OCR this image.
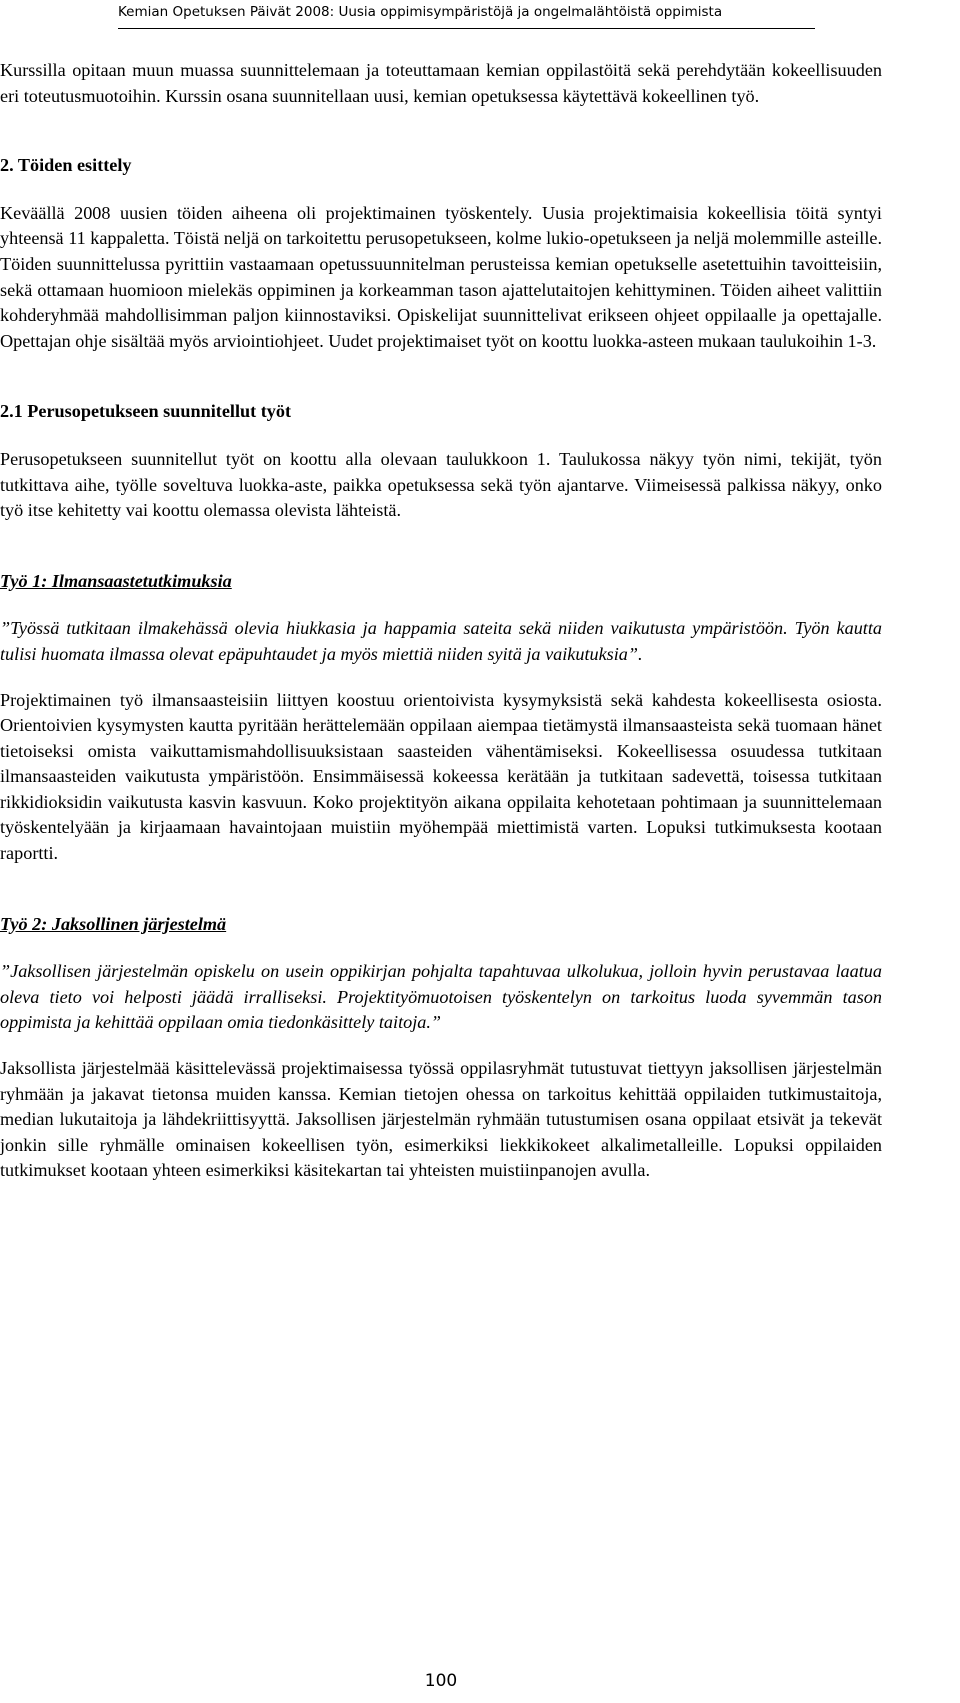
Kemian Opetuksen Päivät 2008: Uusia oppimisympäristöjä ja ongelmalähtöistä oppimista

Kurssilla opitaan muun muassa suunnittelemaan ja toteuttamaan kemian oppilastöitä sekä perehdytään kokeellisuuden eri toteutusmuotoihin. Kurssin osana suunnitellaan uusi, kemian opetuksessa käytettävä kokeellinen työ.

2. Töiden esittely

Keväällä 2008 uusien töiden aiheena oli projektimainen työskentely. Uusia projektimaisia kokeellisia töitä syntyi yhteensä 11 kappaletta. Töistä neljä on tarkoitettu perusopetukseen, kolme lukio-opetukseen ja neljä molemmille asteille. Töiden suunnittelussa pyrittiin vastaamaan opetussuunnitelman perusteissa kemian opetukselle asetettuihin tavoitteisiin, sekä ottamaan huomioon mielekäs oppiminen ja korkeamman tason ajattelutaitojen kehittyminen. Töiden aiheet valittiin kohderyhmää mahdollisimman paljon kiinnostaviksi. Opiskelijat suunnittelivat erikseen ohjeet oppilaalle ja opettajalle. Opettajan ohje sisältää myös arviointiohjeet. Uudet projektimaiset työt on koottu luokka-asteen mukaan taulukoihin 1-3.

2.1 Perusopetukseen suunnitellut työt

Perusopetukseen suunnitellut työt on koottu alla olevaan taulukkoon 1. Taulukossa näkyy työn nimi, tekijät, työn tutkittava aihe, työlle soveltuva luokka-aste, paikka opetuksessa sekä työn ajantarve. Viimeisessä palkissa näkyy, onko työ itse kehitetty vai koottu olemassa olevista lähteistä.

Työ 1: Ilmansaastetutkimuksia

”Työssä tutkitaan ilmakehässä olevia hiukkasia ja happamia sateita sekä niiden vaikutusta ympäristöön. Työn kautta tulisi huomata ilmassa olevat epäpuhtaudet ja myös miettiä niiden syitä ja vaikutuksia”.

Projektimainen työ ilmansaasteisiin liittyen koostuu orientoivista kysymyksistä sekä kahdesta kokeellisesta osiosta. Orientoivien kysymysten kautta pyritään herättelemään oppilaan aiempaa tietämystä ilmansaasteista sekä tuomaan hänet tietoiseksi omista vaikuttamismahdollisuuksistaan saasteiden vähentämiseksi. Kokeellisessa osuudessa tutkitaan ilmansaasteiden vaikutusta ympäristöön. Ensimmäisessä kokeessa kerätään ja tutkitaan sadevettä, toisessa tutkitaan rikkidioksidin vaikutusta kasvin kasvuun. Koko projektityön aikana oppilaita kehotetaan pohtimaan ja suunnittelemaan työskentelyään ja kirjaamaan havaintojaan muistiin myöhempää miettimistä varten. Lopuksi tutkimuksesta kootaan raportti.

Työ 2: Jaksollinen järjestelmä

”Jaksollisen järjestelmän opiskelu on usein oppikirjan pohjalta tapahtuvaa ulkolukua, jolloin hyvin perustavaa laatua oleva tieto voi helposti jäädä irralliseksi. Projektityömuotoisen työskentelyn on tarkoitus luoda syvemmän tason oppimista ja kehittää oppilaan omia tiedonkäsittely taitoja.”

Jaksollista järjestelmää käsittelevässä projektimaisessa työssä oppilasryhmät tutustuvat tiettyyn jaksollisen järjestelmän ryhmään ja jakavat tietonsa muiden kanssa. Kemian tietojen ohessa on tarkoitus kehittää oppilaiden tutkimustaitoja, median lukutaitoja ja lähdekriittisyyttä. Jaksollisen järjestelmän ryhmään tutustumisen osana oppilaat etsivät ja tekevät jonkin sille ryhmälle ominaisen kokeellisen työn, esimerkiksi liekkikokeet alkalimetalleille. Lopuksi oppilaiden tutkimukset kootaan yhteen esimerkiksi käsitekartan tai yhteisten muistiinpanojen avulla.

100
